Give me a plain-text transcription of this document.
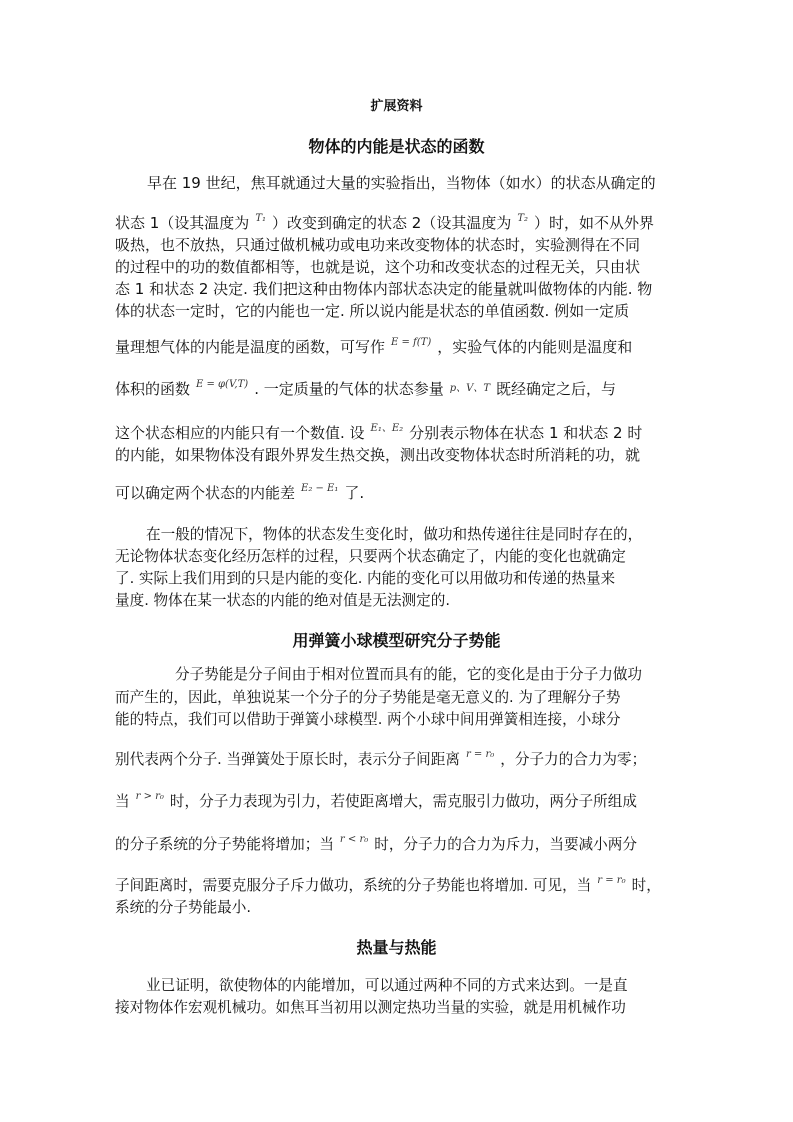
扩展资料
物体的内能是状态的函数
早在 19 世纪，焦耳就通过大量的实验指出，当物体（如水）的状态从确定的
状态 1（设其温度为 $^{T_1}$ ）改变到确定的状态 2（设其温度为 $^{T_2}$ ）时，如不从外界
吸热，也不放热，只通过做机械功或电功来改变物体的状态时，实验测得在不同
的过程中的功的数值都相等，也就是说，这个功和改变状态的过程无关，只由状
态 1 和状态 2 决定. 我们把这种由物体内部状态决定的能量就叫做物体的内能. 物
体的状态一定时，它的内能也一定. 所以说内能是状态的单值函数. 例如一定质
量理想气体的内能是温度的函数，可写作 $^{E = f(T)}$ ，实验气体的内能则是温度和
体积的函数 $^{E = \varphi(V,T)}$ . 一定质量的气体的状态参量 $^{p、V、T}$ 既经确定之后，与
这个状态相应的内能只有一个数值. 设 $^{E_1、E_2}$ 分别表示物体在状态 1 和状态 2 时
的内能，如果物体没有跟外界发生热交换，测出改变物体状态时所消耗的功，就
可以确定两个状态的内能差 $^{E_2 - E_1}$ 了.
在一般的情况下，物体的状态发生变化时，做功和热传递往往是同时存在的，
无论物体状态变化经历怎样的过程，只要两个状态确定了，内能的变化也就确定
了. 实际上我们用到的只是内能的变化. 内能的变化可以用做功和传递的热量来
量度. 物体在某一状态的内能的绝对值是无法测定的.
用弹簧小球模型研究分子势能
分子势能是分子间由于相对位置而具有的能，它的变化是由于分子力做功
而产生的，因此，单独说某一个分子的分子势能是毫无意义的. 为了理解分子势
能的特点，我们可以借助于弹簧小球模型. 两个小球中间用弹簧相连接，小球分
别代表两个分子. 当弹簧处于原长时，表示分子间距离 $^{r = r_0}$ ，分子力的合力为零；
当 $^{r > r_0}$ 时，分子力表现为引力，若使距离增大，需克服引力做功，两分子所组成
的分子系统的分子势能将增加；当 $^{r < r_0}$ 时，分子力的合力为斥力，当要减小两分
子间距离时，需要克服分子斥力做功，系统的分子势能也将增加. 可见，当 $^{r = r_0}$ 时，
系统的分子势能最小.
热量与热能
业已证明，欲使物体的内能增加，可以通过两种不同的方式来达到。一是直
接对物体作宏观机械功。如焦耳当初用以测定热功当量的实验，就是用机械作功
